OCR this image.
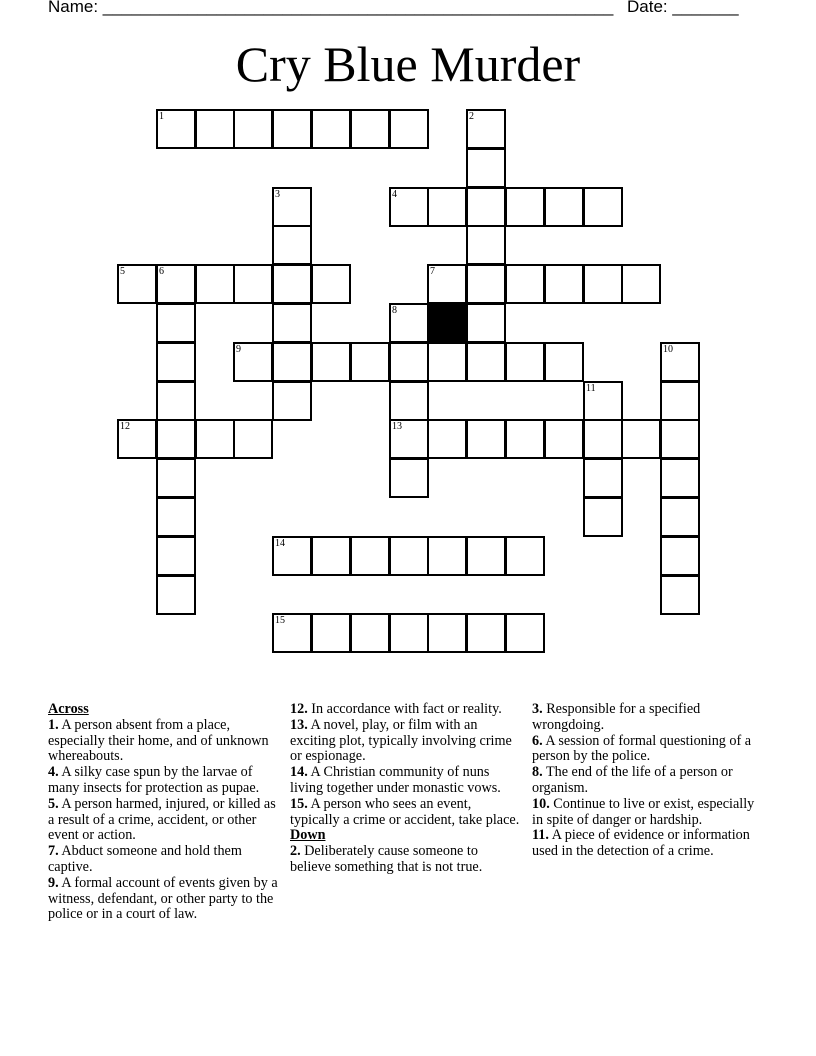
Name: ______________________________________________________ Date: _______
Cry Blue Murder
1	2
3	4
5	6	7
8
9	10
11
12	13
14
15

Across

1. A person absent from a place, especially their home, and of unknown whereabouts.

4. A silky case spun by the larvae of many insects for protection as pupae.

5. A person harmed, injured, or killed as a result of a crime, accident, or other event or action.

7. Abduct someone and hold them captive.

9. A formal account of events given by a witness, defendant, or other party to the police or in a court of law.

12. In accordance with fact or reality.

13. A novel, play, or film with an exciting plot, typically involving crime or espionage.

14. A Christian community of nuns living together under monastic vows.

15. A person who sees an event, typically a crime or accident, take place.

Down

2. Deliberately cause someone to believe something that is not true.

3. Responsible for a specified wrongdoing.

6. A session of formal questioning of a person by the police.

8. The end of the life of a person or organism.

10. Continue to live or exist, especially in spite of danger or hardship.

11. A piece of evidence or information used in the detection of a crime.
